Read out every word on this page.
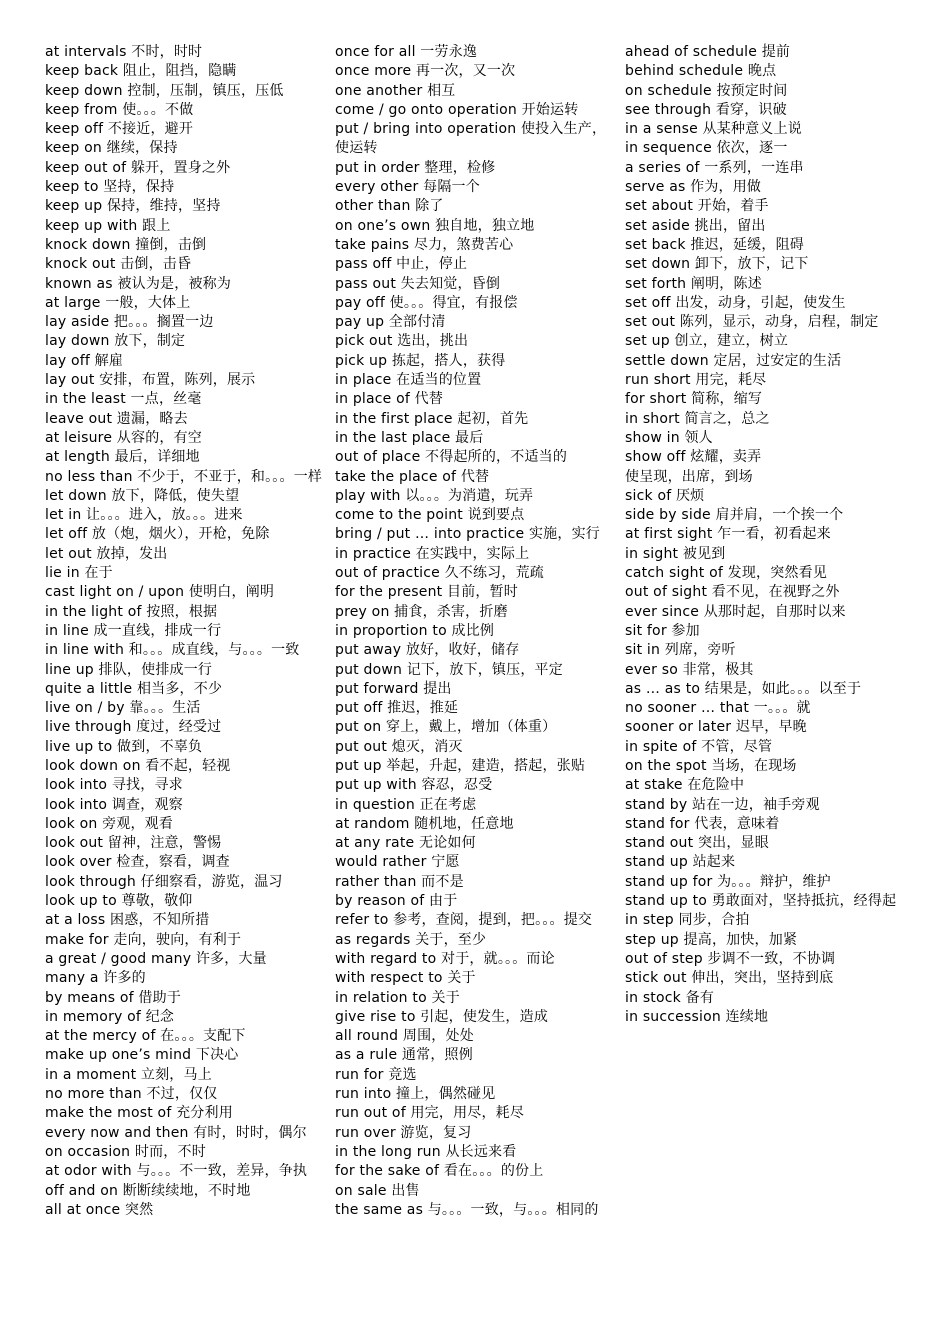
at intervals 不时，时时
keep back 阻止，阻挡，隐瞒
keep down 控制，压制，镇压，压低
keep from 使。。。不做
keep off 不接近，避开
keep on 继续，保持
keep out of 躲开，置身之外
keep to 坚持，保持
keep up 保持，维持，坚持
keep up with 跟上
knock down 撞倒，击倒
knock out 击倒，击昏
known as 被认为是，被称为
at large 一般，大体上
lay aside 把。。。搁置一边
lay down 放下，制定
lay off 解雇
lay out 安排，布置，陈列，展示
in the least 一点，丝毫
leave out 遗漏，略去
at leisure 从容的，有空
at length 最后，详细地
no less than 不少于，不亚于，和。。。一样
let down 放下，降低，使失望
let in 让。。。进入，放。。。进来
let off 放（炮，烟火），开枪，免除
let out 放掉，发出
lie in 在于
cast light on / upon 使明白，阐明
in the light of 按照，根据
in line 成一直线，排成一行
in line with 和。。。成直线，与。。。一致
line up 排队，使排成一行
quite a little 相当多，不少
live on / by 靠。。。生活
live through 度过，经受过
live up to 做到，不辜负
look down on 看不起，轻视
look into 寻找，寻求
look into 调查，观察
look on 旁观，观看
look out 留神，注意，警惕
look over 检查，察看，调查
look through 仔细察看，游览，温习
look up to 尊敬，敬仰
at a loss 困惑，不知所措
make for 走向，驶向，有利于
a great / good many 许多，大量
many a 许多的
by means of 借助于
in memory of 纪念
at the mercy of 在。。。支配下
make up one’s mind 下决心
in a moment 立刻，马上
no more than 不过，仅仅
make the most of 充分利用
every now and then 有时，时时，偶尔
on occasion 时而，不时
at odor with 与。。。不一致，差异，争执
off and on 断断续续地，不时地
all at once 突然
once for all 一劳永逸
once more 再一次，又一次
one another 相互
come / go onto operation 开始运转
put / bring into operation 使投入生产，使运转
put in order 整理，检修
every other 每隔一个
other than 除了
on one’s own 独自地，独立地
take pains 尽力，煞费苦心
pass off 中止，停止
pass out 失去知觉，昏倒
pay off 使。。。得宜，有报偿
pay up 全部付清
pick out 选出，挑出
pick up 拣起，搭人，获得
in place 在适当的位置
in place of 代替
in the first place 起初，首先
in the last place 最后
out of place 不得起所的，不适当的
take the place of 代替
play with 以。。。为消遣，玩弄
come to the point 说到要点
bring / put … into practice 实施，实行
in practice 在实践中，实际上
out of practice 久不练习，荒疏
for the present 目前，暂时
prey on 捕食，杀害，折磨
in proportion to 成比例
put away 放好，收好，储存
put down 记下，放下，镇压，平定
put forward 提出
put off 推迟，推延
put on 穿上，戴上，增加（体重）
put out 熄灭，消灭
put up 举起，升起，建造，搭起，张贴
put up with 容忍，忍受
in question 正在考虑
at random 随机地，任意地
at any rate 无论如何
would rather 宁愿
rather than 而不是
by reason of 由于
refer to 参考，查阅，提到，把。。。提交
as regards 关于，至少
with regard to 对于，就。。。而论
with respect to 关于
in relation to 关于
give rise to 引起，使发生，造成
all round 周围，处处
as a rule 通常，照例
run for 竞选
run into 撞上，偶然碰见
run out of 用完，用尽，耗尽
run over 游览，复习
in the long run 从长远来看
for the sake of 看在。。。的份上
on sale 出售
the same as 与。。。一致，与。。。相同的
ahead of schedule 提前
behind schedule 晚点
on schedule 按预定时间
see through 看穿，识破
in a sense 从某种意义上说
in sequence 依次，逐一
a series of 一系列，一连串
serve as 作为，用做
set about 开始，着手
set aside 挑出，留出
set back 推迟，延缓，阻碍
set down 卸下，放下，记下
set forth 阐明，陈述
set off 出发，动身，引起，使发生
set out 陈列，显示，动身，启程，制定
set up 创立，建立，树立
settle down 定居，过安定的生活
run short 用完，耗尽
for short 简称，缩写
in short 简言之，总之
show in 领人
show off 炫耀，卖弄
使呈现，出席，到场
sick of 厌烦
side by side 肩并肩，一个挨一个
at first sight 乍一看，初看起来
in sight 被见到
catch sight of 发现，突然看见
out of sight 看不见，在视野之外
ever since 从那时起，自那时以来
sit for 参加
sit in 列席，旁听
ever so 非常，极其
as … as to 结果是，如此。。。以至于
no sooner … that 一。。。就
sooner or later 迟早，早晚
in spite of 不管，尽管
on the spot 当场，在现场
at stake 在危险中
stand by 站在一边，袖手旁观
stand for 代表，意味着
stand out 突出，显眼
stand up 站起来
stand up for 为。。。辩护，维护
stand up to 勇敢面对，坚持抵抗，经得起
in step 同步，合拍
step up 提高，加快，加紧
out of step 步调不一致，不协调
stick out 伸出，突出，坚持到底
in stock 备有
in succession 连续地
